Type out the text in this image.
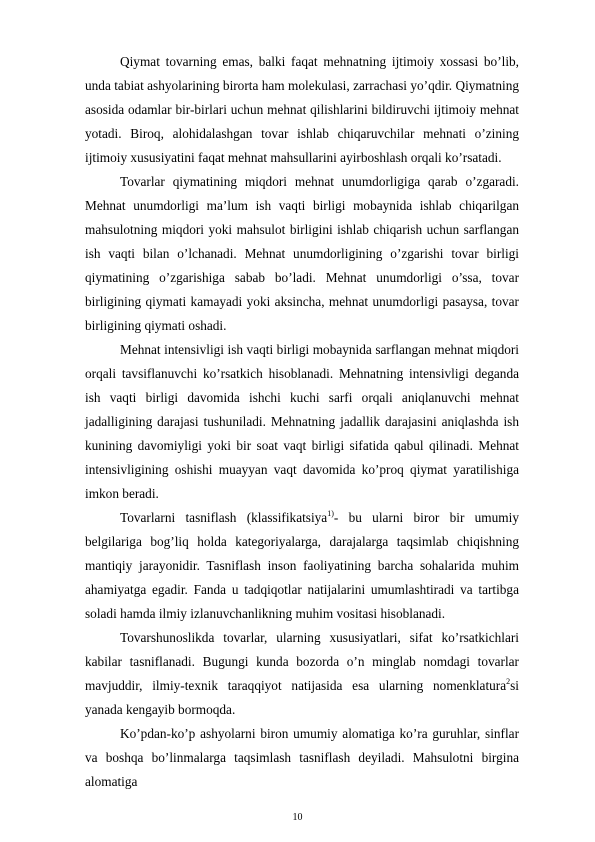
Qiymat tovarning emas, balki faqat mehnatning ijtimoiy xossasi bo’lib, unda tabiat ashyolarining birorta ham molekulasi, zarrachasi yo’qdir. Qiymatning asosida odamlar bir-birlari uchun mehnat qilishlarini bildiruvchi ijtimoiy mehnat yotadi. Biroq, alohidalashgan tovar ishlab chiqaruvchilar mehnati o’zining ijtimoiy xususiyatini faqat mehnat mahsullarini ayirboshlash orqali ko’rsatadi.

Tovarlar qiymatining miqdori mehnat unumdorligiga qarab o’zgaradi. Mehnat unumdorligi ma’lum ish vaqti birligi mobaynida ishlab chiqarilgan mahsulotning miqdori yoki mahsulot birligini ishlab chiqarish uchun sarflangan ish vaqti bilan o’lchanadi. Mehnat unumdorligining o’zgarishi tovar birligi qiymatining o’zgarishiga sabab bo’ladi. Mehnat unumdorligi o’ssa, tovar birligining qiymati kamayadi yoki aksincha, mehnat unumdorligi pasaysa, tovar birligining qiymati oshadi.

Mehnat intensivligi ish vaqti birligi mobaynida sarflangan mehnat miqdori orqali tavsiflanuvchi ko’rsatkich hisoblanadi. Mehnatning intensivligi deganda ish vaqti birligi davomida ishchi kuchi sarfi orqali aniqlanuvchi mehnat jadalligining darajasi tushuniladi. Mehnatning jadallik darajasini aniqlashda ish kunining davomiyligi yoki bir soat vaqt birligi sifatida qabul qilinadi. Mehnat intensivligining oshishi muayyan vaqt davomida ko’proq qiymat yaratilishiga imkon beradi.

Tovarlarni tasniflash (klassifikatsiya$^{1)}$- bu ularni biror bir umumiy belgilariga bog’liq holda kategoriyalarga, darajalarga taqsimlab chiqishning mantiqiy jarayonidir. Tasniflash inson faoliyatining barcha sohalarida muhim ahamiyatga egadir. Fanda u tadqiqotlar natijalarini umumlashtiradi va tartibga soladi hamda ilmiy izlanuvchanlikning muhim vositasi hisoblanadi.

Tovarshunoslikda tovarlar, ularning xususiyatlari, sifat ko’rsatkichlari kabilar tasniflanadi. Bugungi kunda bozorda o’n minglab nomdagi tovarlar mavjuddir, ilmiy-texnik taraqqiyot natijasida esa ularning nomenklatura$^2$si yanada kengayib bormoqda.

Ko’pdan-ko’p ashyolarni biron umumiy alomatiga ko’ra guruhlar, sinflar va boshqa bo’linmalarga taqsimlash tasniflash deyiladi. Mahsulotni birgina alomatiga

10
